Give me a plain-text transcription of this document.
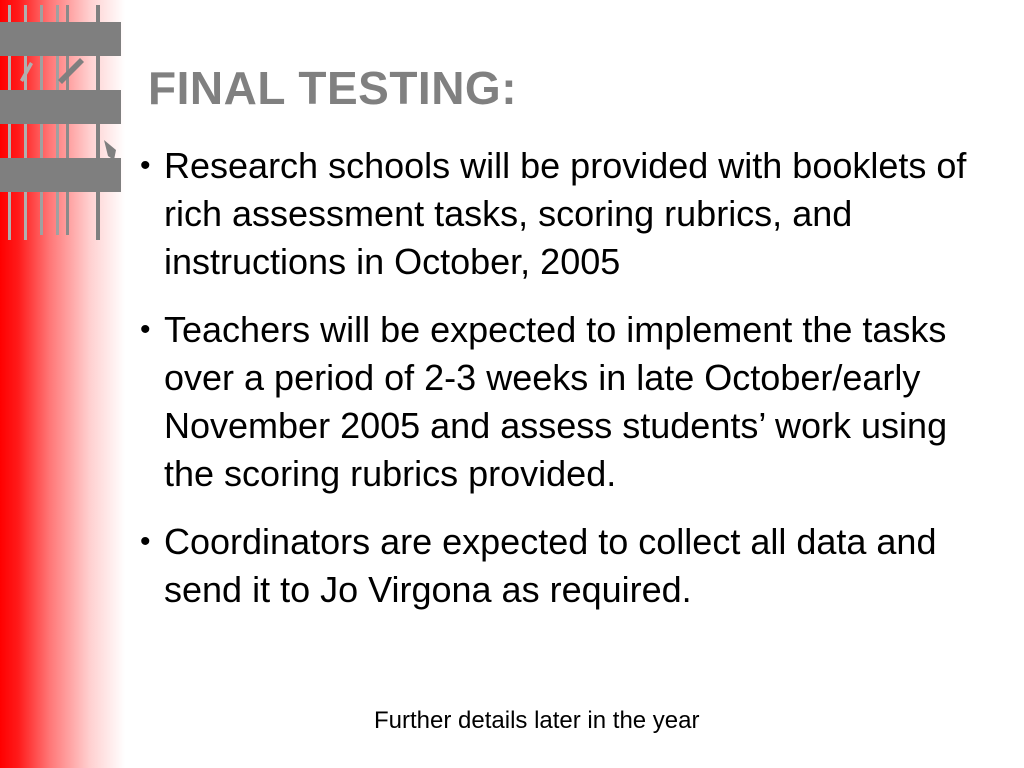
FINAL TESTING:
• Research schools will be provided with booklets of rich assessment tasks, scoring rubrics, and instructions in October, 2005
• Teachers will be expected to implement the tasks over a period of 2-3 weeks in late October/early November 2005 and assess students’ work using the scoring rubrics provided.
• Coordinators are expected to collect all data and send it to Jo Virgona as required.
Further details later in the year
